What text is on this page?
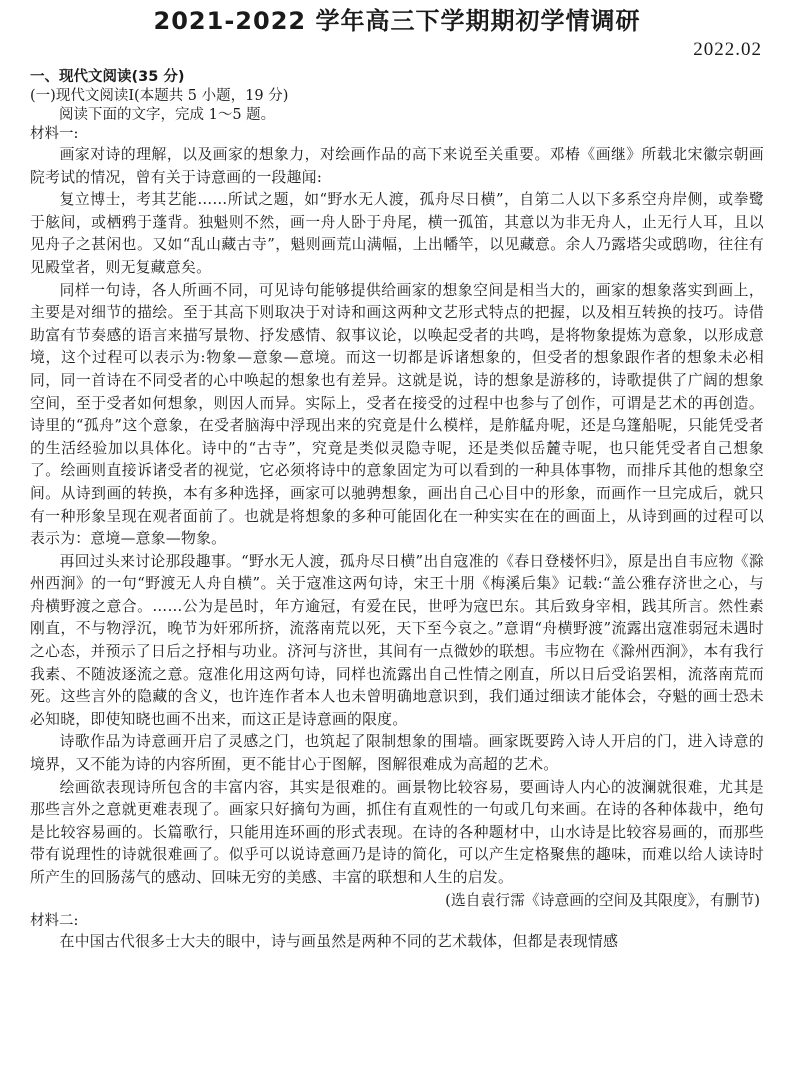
2021-2022 学年高三下学期期初学情调研
2022.02
一、现代文阅读(35 分)
(一)现代文阅读Ⅰ(本题共 5 小题，19 分)
阅读下面的文字，完成 1～5 题。
材料一:

画家对诗的理解，以及画家的想象力，对绘画作品的高下来说至关重要。邓椿《画继》所载北宋徽宗朝画院考试的情况，曾有关于诗意画的一段趣闻:

复立博士，考其艺能……所试之题，如“野水无人渡，孤舟尽日横”，自第二人以下多系空舟岸侧，或拳鹭于舷间，或栖鸦于蓬背。独魁则不然，画一舟人卧于舟尾，横一孤笛，其意以为非无舟人，止无行人耳，且以见舟子之甚闲也。又如“乱山藏古寺”，魁则画荒山满幅，上出幡竿，以见藏意。余人乃露塔尖或鸱吻，往往有见殿堂者，则无复藏意矣。

同样一句诗，各人所画不同，可见诗句能够提供给画家的想象空间是相当大的，画家的想象落实到画上，主要是对细节的描绘。至于其高下则取决于对诗和画这两种文艺形式特点的把握，以及相互转换的技巧。诗借助富有节奏感的语言来描写景物、抒发感情、叙事议论，以唤起受者的共鸣，是将物象提炼为意象，以形成意境，这个过程可以表示为:物象—意象—意境。而这一切都是诉诸想象的，但受者的想象跟作者的想象未必相同，同一首诗在不同受者的心中唤起的想象也有差异。这就是说，诗的想象是游移的，诗歌提供了广阔的想象空间，至于受者如何想象，则因人而异。实际上，受者在接受的过程中也参与了创作，可谓是艺术的再创造。诗里的“孤舟”这个意象，在受者脑海中浮现出来的究竟是什么模样，是舴艋舟呢，还是乌篷船呢，只能凭受者的生活经验加以具体化。诗中的“古寺”，究竟是类似灵隐寺呢，还是类似岳麓寺呢，也只能凭受者自己想象了。绘画则直接诉诸受者的视觉，它必须将诗中的意象固定为可以看到的一种具体事物，而排斥其他的想象空间。从诗到画的转换，本有多种选择，画家可以驰骋想象，画出自己心目中的形象，而画作一旦完成后，就只有一种形象呈现在观者面前了。也就是将想象的多种可能固化在一种实实在在的画面上，从诗到画的过程可以表示为：意境—意象—物象。

再回过头来讨论那段趣事。“野水无人渡，孤舟尽日横”出自寇准的《春日登楼怀归》，原是出自韦应物《滁州西涧》的一句“野渡无人舟自横”。关于寇准这两句诗，宋王十朋《梅溪后集》记载:“盖公雅存济世之心，与舟横野渡之意合。……公为是邑时，年方逾冠，有爱在民，世呼为寇巴东。其后致身宰相，践其所言。然性素刚直，不与物浮沉，晚节为奸邪所挤，流落南荒以死，天下至今哀之。”意谓“舟横野渡”流露出寇准弱冠未遇时之心态，并预示了日后之抒相与功业。济河与济世，其间有一点微妙的联想。韦应物在《滁州西涧》，本有我行我素、不随波逐流之意。寇准化用这两句诗，同样也流露出自己性情之刚直，所以日后受谄罢相，流落南荒而死。这些言外的隐藏的含义，也许连作者本人也未曾明确地意识到，我们通过细读才能体会，夺魁的画士恐未必知晓，即使知晓也画不出来，而这正是诗意画的限度。

诗歌作品为诗意画开启了灵感之门，也筑起了限制想象的围墙。画家既要跨入诗人开启的门，进入诗意的境界，又不能为诗的内容所囿，更不能甘心于图解，图解很难成为高超的艺术。

绘画欲表现诗所包含的丰富内容，其实是很难的。画景物比较容易，要画诗人内心的波澜就很难，尤其是那些言外之意就更难表现了。画家只好摘句为画，抓住有直观性的一句或几句来画。在诗的各种体裁中，绝句是比较容易画的。长篇歌行，只能用连环画的形式表现。在诗的各种题材中，山水诗是比较容易画的，而那些带有说理性的诗就很难画了。似乎可以说诗意画乃是诗的简化，可以产生定格聚焦的趣味，而难以给人读诗时所产生的回肠荡气的感动、回味无穷的美感、丰富的联想和人生的启发。

(选自袁行霈《诗意画的空间及其限度》，有删节)
材料二:

在中国古代很多士大夫的眼中，诗与画虽然是两种不同的艺术载体，但都是表现情感
